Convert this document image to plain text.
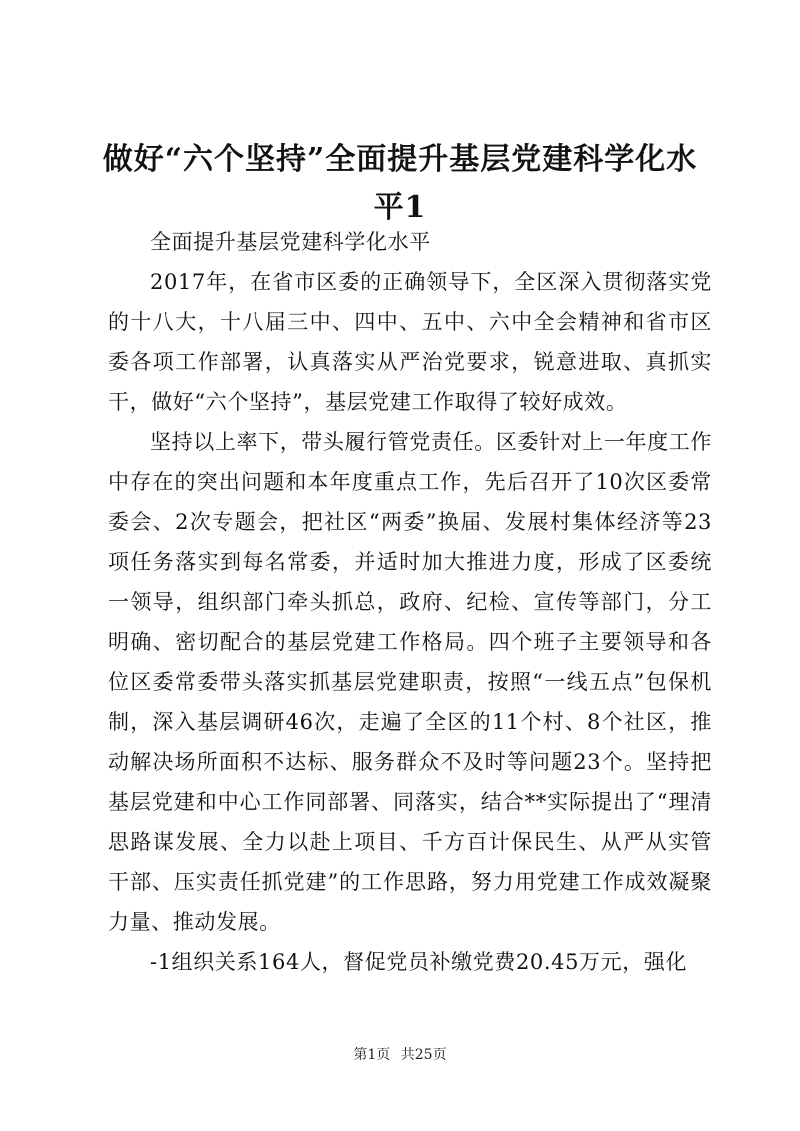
做好“六个坚持”全面提升基层党建科学化水平1

全面提升基层党建科学化水平

2017年，在省市区委的正确领导下，全区深入贯彻落实党的十八大，十八届三中、四中、五中、六中全会精神和省市区委各项工作部署，认真落实从严治党要求，锐意进取、真抓实干，做好“六个坚持”，基层党建工作取得了较好成效。

坚持以上率下，带头履行管党责任。区委针对上一年度工作中存在的突出问题和本年度重点工作，先后召开了10次区委常委会、2次专题会，把社区“两委”换届、发展村集体经济等23项任务落实到每名常委，并适时加大推进力度，形成了区委统一领导，组织部门牵头抓总，政府、纪检、宣传等部门，分工明确、密切配合的基层党建工作格局。四个班子主要领导和各位区委常委带头落实抓基层党建职责，按照“一线五点”包保机制，深入基层调研46次，走遍了全区的11个村、8个社区，推动解决场所面积不达标、服务群众不及时等问题23个。坚持把基层党建和中心工作同部署、同落实，结合**实际提出了“理清思路谋发展、全力以赴上项目、千方百计保民生、从严从实管干部、压实责任抓党建”的工作思路，努力用党建工作成效凝聚力量、推动发展。

-1组织关系164人，督促党员补缴党费20.45万元，强化

第1页 共25页
